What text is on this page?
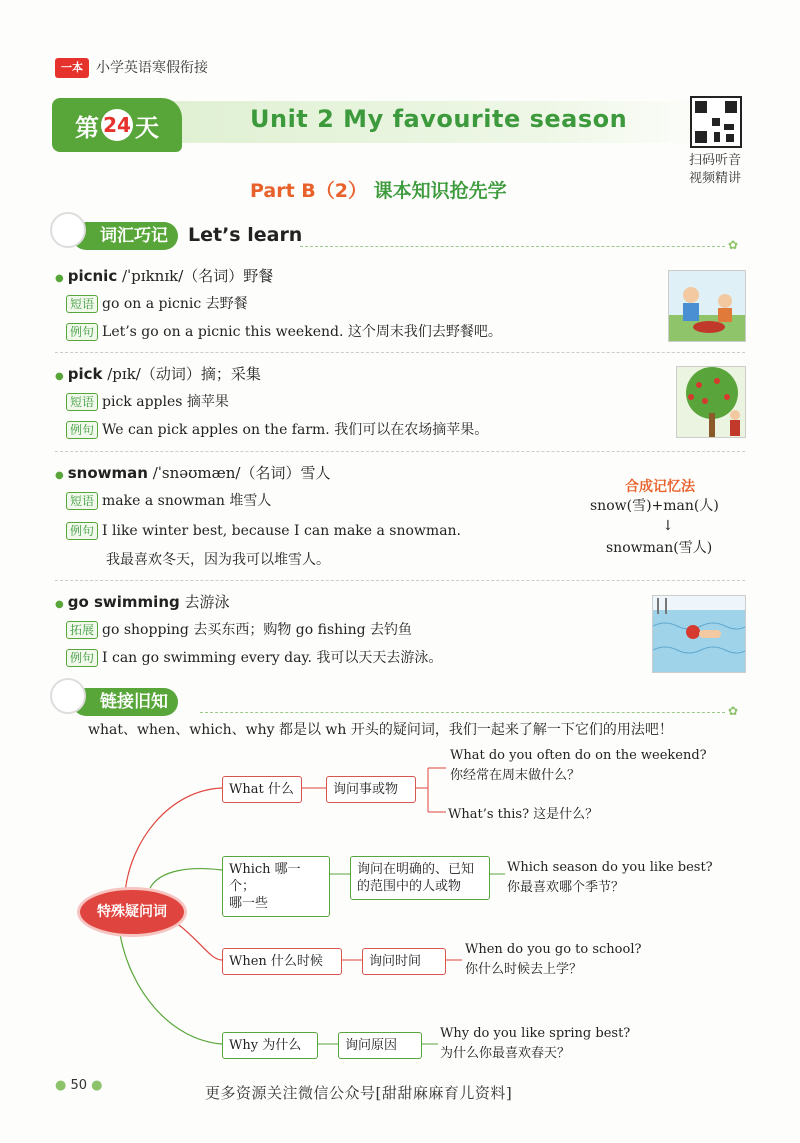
一本 小学英语寒假衔接
第 24 天	Unit 2 My favourite season
扫码听音
视频精讲
Part B（2） 课本知识抢先学
词汇巧记	Let’s learn	✿
● picnic /ˈpɪknɪk/（名词）野餐
短语 go on a picnic 去野餐
例句 Let’s go on a picnic this weekend. 这个周末我们去野餐吧。
● pick /pɪk/（动词）摘；采集
短语 pick apples 摘苹果
例句 We can pick apples on the farm. 我们可以在农场摘苹果。
● snowman /ˈsnəʊmæn/（名词）雪人
短语 make a snowman 堆雪人
例句 I like winter best, because I can make a snowman.
我最喜欢冬天，因为我可以堆雪人。
合成记忆法
snow(雪)+man(人)
↓
snowman(雪人)
● go swimming 去游泳
拓展 go shopping 去买东西；购物 go fishing 去钓鱼
例句 I can go swimming every day. 我可以天天去游泳。
链接旧知	✿
what、when、which、why 都是以 wh 开头的疑问词，我们一起来了解一下它们的用法吧！
特殊疑问词
What 什么	询问事或物
What do you often do on the weekend?
你经常在周末做什么？
What’s this? 这是什么？
Which 哪一个；
哪一些
询问在明确的、已知
的范围中的人或物
Which season do you like best?
你最喜欢哪个季节？
When 什么时候	询问时间
When do you go to school?
你什么时候去上学？
Why 为什么	询问原因
Why do you like spring best?
为什么你最喜欢春天？
● 50 ●	更多资源关注微信公众号[甜甜麻麻育儿资料]
